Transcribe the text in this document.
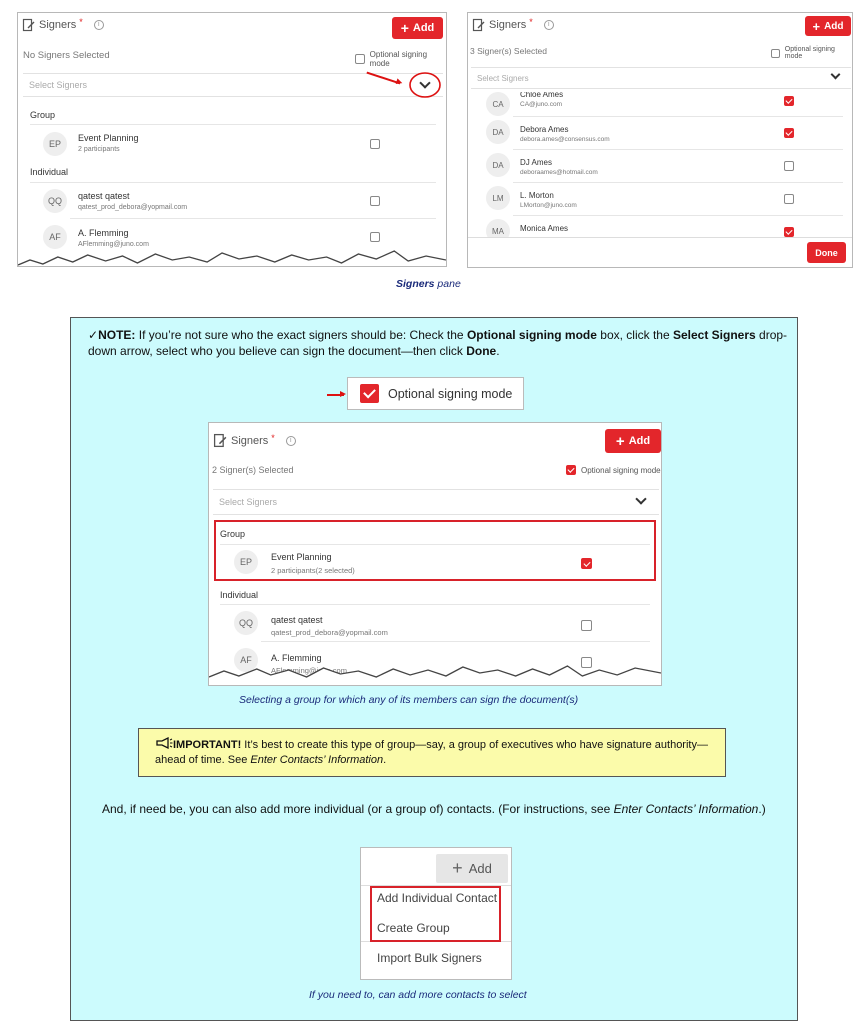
Signers *	i	+ Add
No Signers Selected	Optional signing mode
Select Signers
Group
EP
Event Planning
2 participants
Individual
QQ	qatest qatest
qatest_prod_debora@yopmail.com
AF	A. Flemming
AFlemming@juno.com
Signers *	i	+ Add
3 Signer(s) Selected	Optional signing mode
Select Signers
CA
Chloe Ames
CA@juno.com
DA	Debora Ames
debora.ames@consensus.com
DA	DJ Ames
deboraames@hotmail.com
LM	L. Morton
LMorton@juno.com
MA	Monica Ames
Done
Signers pane
✓NOTE: If you’re not sure who the exact signers should be: Check the Optional signing mode box, click the Select Signers drop-down arrow, select who you believe can sign the document—then click Done.
Optional signing mode
Signers *	i	+ Add
2 Signer(s) Selected	Optional signing mode
Select Signers
Group
EP	Event Planning
2 participants(2 selected)
Individual
QQ	qatest qatest
qatest_prod_debora@yopmail.com
AF	A. Flemming
AFlemming@juno.com
Selecting a group for which any of its members can sign the document(s)
IMPORTANT! It’s best to create this type of group—say, a group of executives who have signature authority—ahead of time. See Enter Contacts’ Information.
And, if need be, you can also add more individual (or a group of) contacts. (For instructions, see Enter Contacts’ Information.)
+ Add
Add Individual Contact
Create Group
Import Bulk Signers
If you need to, can add more contacts to select
